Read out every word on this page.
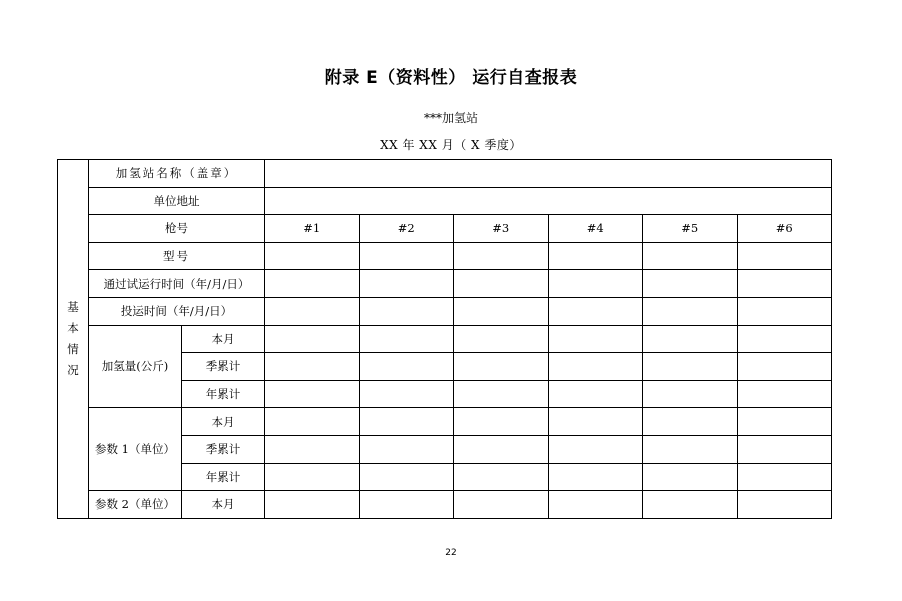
附录 E（资料性） 运行自查报表
***加氢站
XX 年 XX 月（ X 季度）
基
本
情
况	加氢站名称（盖章）							
	单位地址							
	枪号		#1	#2	#3	#4	#5	#6
	型号							
	通过试运行时间（年/月/日）							
	投运时间（年/月/日）							
	加氢量(公斤)	本月						
		季累计						
		年累计						
	参数 1（单位）	本月						
		季累计						
		年累计						
	参数 2（单位）	本月						
22
